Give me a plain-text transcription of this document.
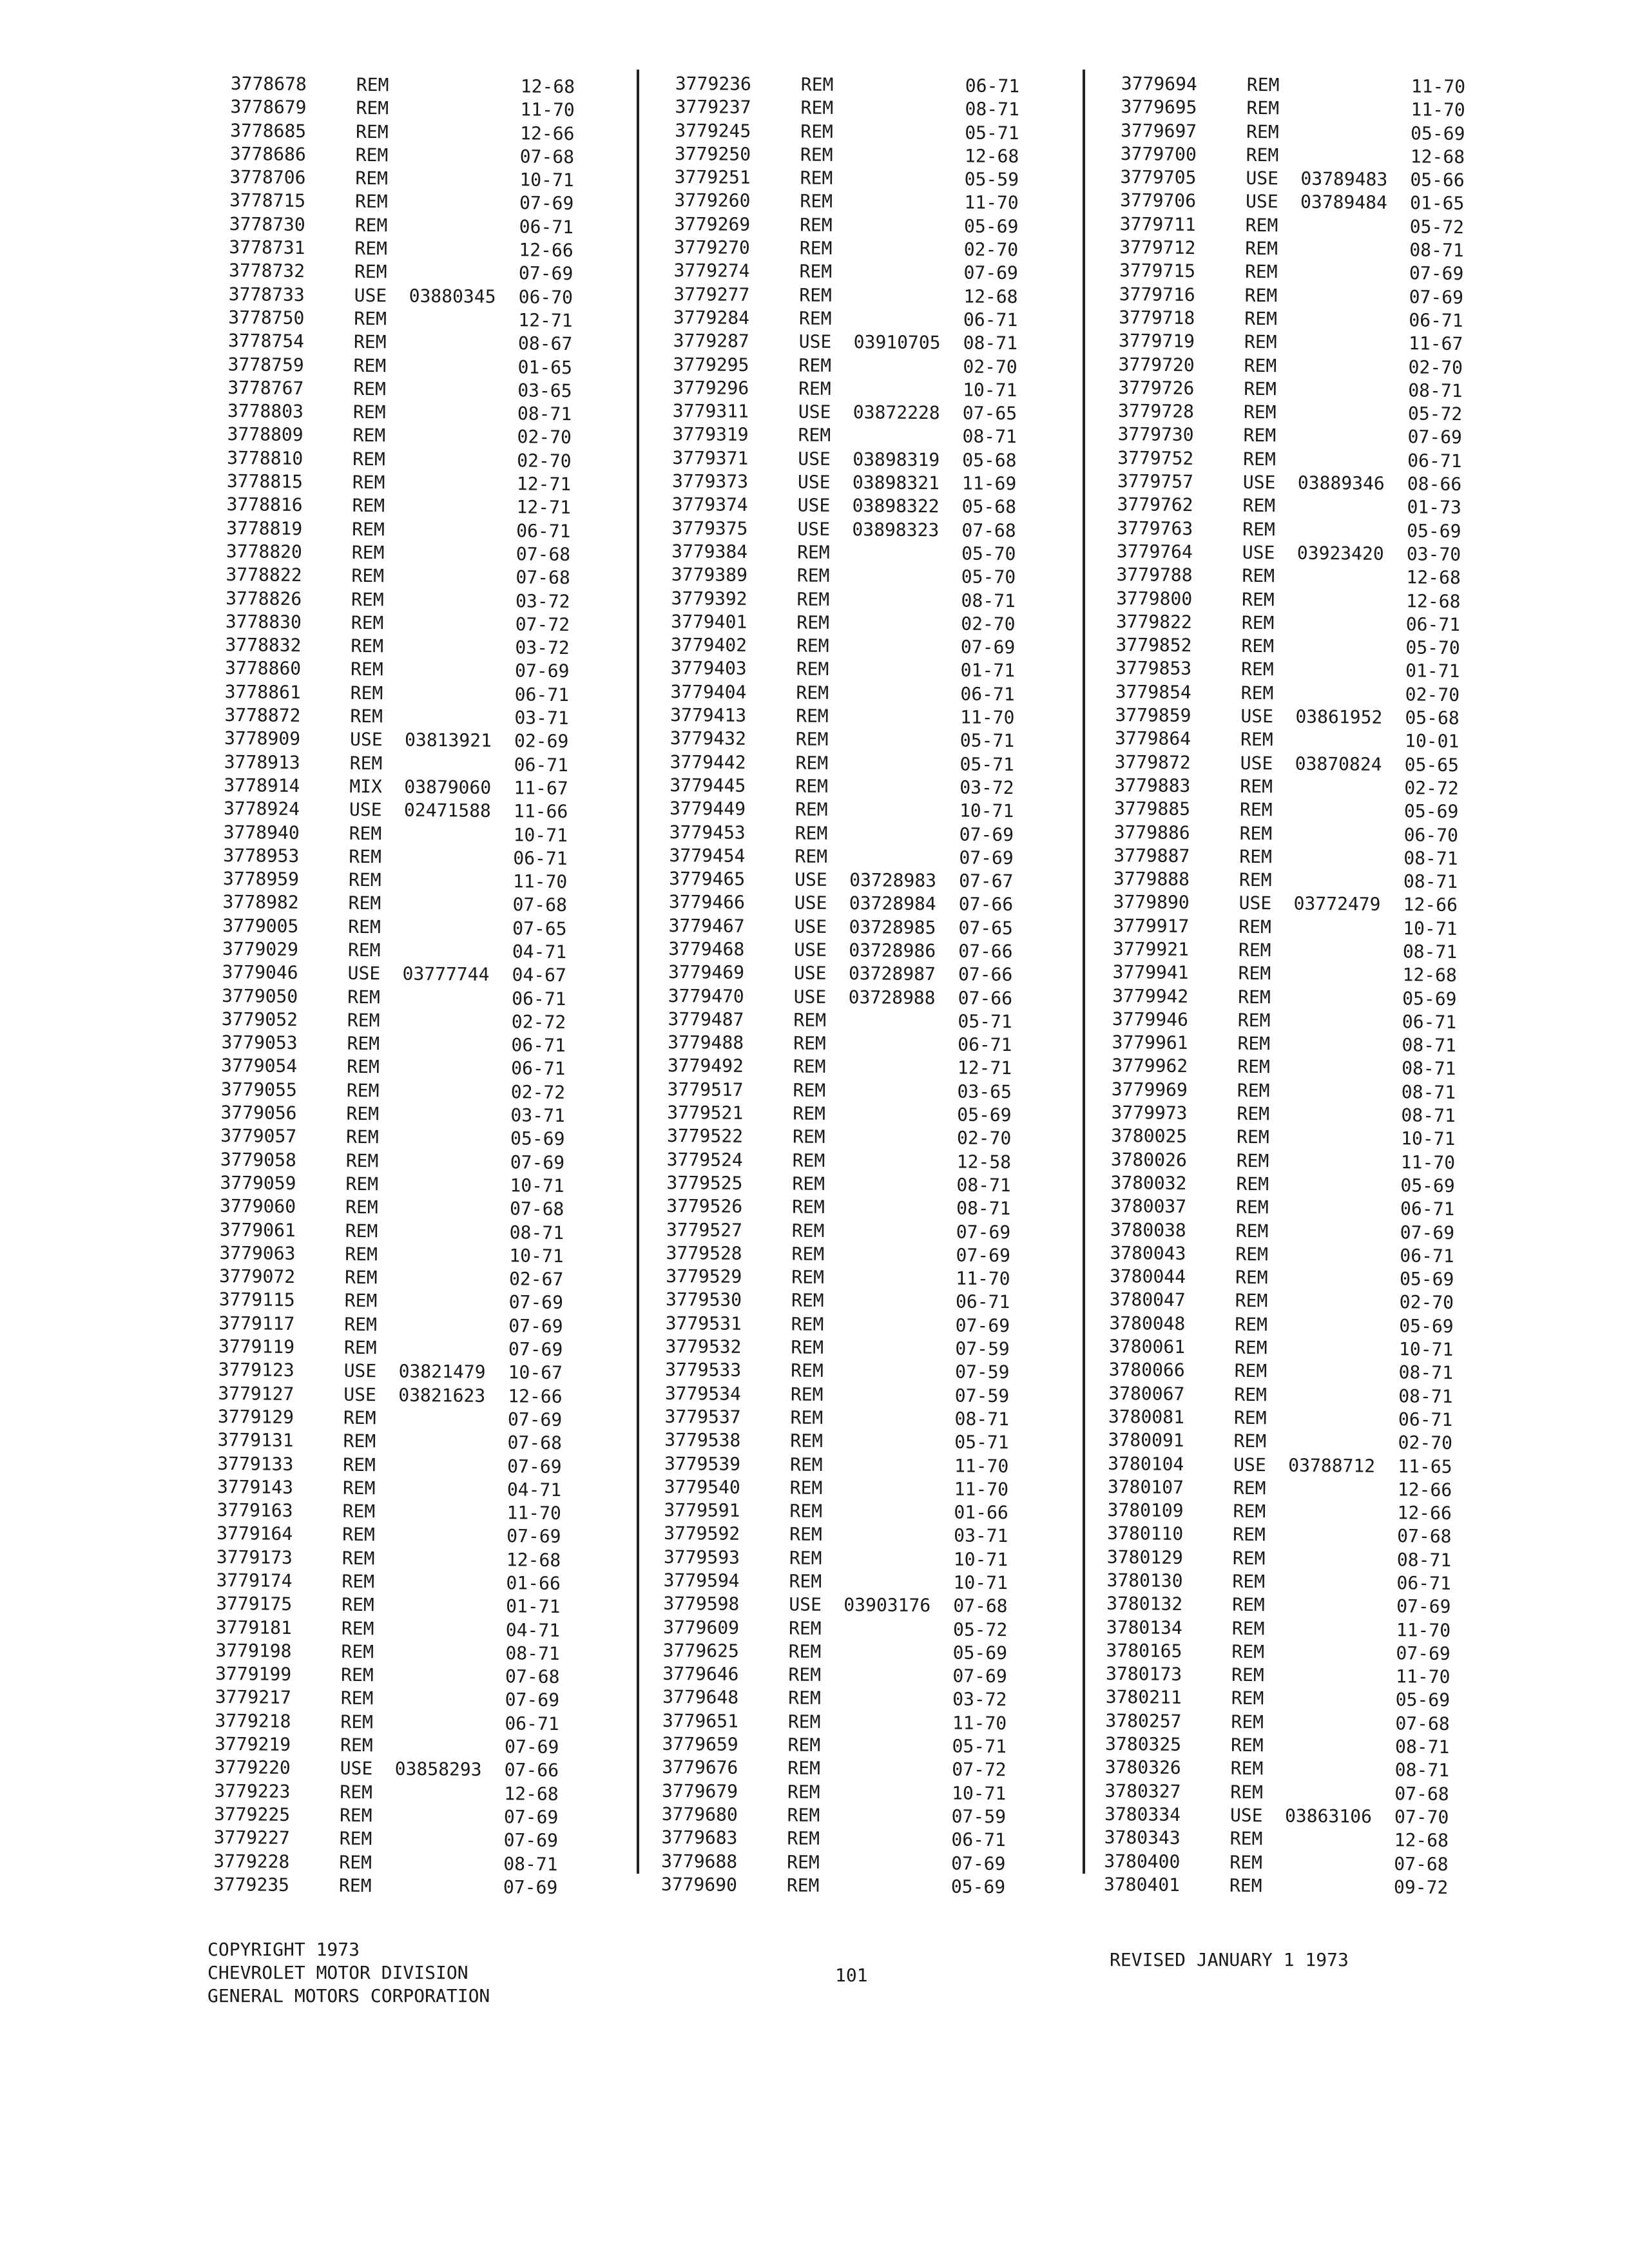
3778678	REM	12-68
3778679	REM	11-70
3778685	REM	12-66
3778686	REM	07-68
3778706	REM	10-71
3778715	REM	07-69
3778730	REM	06-71
3778731	REM	12-66
3778732	REM	07-69
3778733	USE 03880345 06-70
3778750	REM	12-71
3778754	REM	08-67
3778759	REM	01-65
3778767	REM	03-65
3778803	REM	08-71
3778809	REM	02-70
3778810	REM	02-70
3778815	REM	12-71
3778816	REM	12-71
3778819	REM	06-71
3778820	REM	07-68
3778822	REM	07-68
3778826	REM	03-72
3778830	REM	07-72
3778832	REM	03-72
3778860	REM	07-69
3778861	REM	06-71
3778872	REM	03-71
3778909	USE 03813921 02-69
3778913	REM	06-71
3778914	MIX 03879060 11-67
3778924	USE 02471588 11-66
3778940	REM	10-71
3778953	REM	06-71
3778959	REM	11-70
3778982	REM	07-68
3779005	REM	07-65
3779029	REM	04-71
3779046	USE 03777744 04-67
3779050	REM	06-71
3779052	REM	02-72
3779053	REM	06-71
3779054	REM	06-71
3779055	REM	02-72
3779056	REM	03-71
3779057	REM	05-69
3779058	REM	07-69
3779059	REM	10-71
3779060	REM	07-68
3779061	REM	08-71
3779063	REM	10-71
3779072	REM	02-67
3779115	REM	07-69
3779117	REM	07-69
3779119	REM	07-69
3779123	USE 03821479 10-67
3779127	USE 03821623 12-66
3779129	REM	07-69
3779131	REM	07-68
3779133	REM	07-69
3779143	REM	04-71
3779163	REM	11-70
3779164	REM	07-69
3779173	REM	12-68
3779174	REM	01-66
3779175	REM	01-71
3779181	REM	04-71
3779198	REM	08-71
3779199	REM	07-68
3779217	REM	07-69
3779218	REM	06-71
3779219	REM	07-69
3779220	USE 03858293 07-66
3779223	REM	12-68
3779225	REM	07-69
3779227	REM	07-69
3779228	REM	08-71
3779235	REM	07-69
3779236	REM	06-71
3779237	REM	08-71
3779245	REM	05-71
3779250	REM	12-68
3779251	REM	05-59
3779260	REM	11-70
3779269	REM	05-69
3779270	REM	02-70
3779274	REM	07-69
3779277	REM	12-68
3779284	REM	06-71
3779287	USE 03910705 08-71
3779295	REM	02-70
3779296	REM	10-71
3779311	USE 03872228 07-65
3779319	REM	08-71
3779371	USE 03898319 05-68
3779373	USE 03898321 11-69
3779374	USE 03898322 05-68
3779375	USE 03898323 07-68
3779384	REM	05-70
3779389	REM	05-70
3779392	REM	08-71
3779401	REM	02-70
3779402	REM	07-69
3779403	REM	01-71
3779404	REM	06-71
3779413	REM	11-70
3779432	REM	05-71
3779442	REM	05-71
3779445	REM	03-72
3779449	REM	10-71
3779453	REM	07-69
3779454	REM	07-69
3779465	USE 03728983 07-67
3779466	USE 03728984 07-66
3779467	USE 03728985 07-65
3779468	USE 03728986 07-66
3779469	USE 03728987 07-66
3779470	USE 03728988 07-66
3779487	REM	05-71
3779488	REM	06-71
3779492	REM	12-71
3779517	REM	03-65
3779521	REM	05-69
3779522	REM	02-70
3779524	REM	12-58
3779525	REM	08-71
3779526	REM	08-71
3779527	REM	07-69
3779528	REM	07-69
3779529	REM	11-70
3779530	REM	06-71
3779531	REM	07-69
3779532	REM	07-59
3779533	REM	07-59
3779534	REM	07-59
3779537	REM	08-71
3779538	REM	05-71
3779539	REM	11-70
3779540	REM	11-70
3779591	REM	01-66
3779592	REM	03-71
3779593	REM	10-71
3779594	REM	10-71
3779598	USE 03903176 07-68
3779609	REM	05-72
3779625	REM	05-69
3779646	REM	07-69
3779648	REM	03-72
3779651	REM	11-70
3779659	REM	05-71
3779676	REM	07-72
3779679	REM	10-71
3779680	REM	07-59
3779683	REM	06-71
3779688	REM	07-69
3779690	REM	05-69
3779694	REM	11-70
3779695	REM	11-70
3779697	REM	05-69
3779700	REM	12-68
3779705	USE 03789483 05-66
3779706	USE 03789484 01-65
3779711	REM	05-72
3779712	REM	08-71
3779715	REM	07-69
3779716	REM	07-69
3779718	REM	06-71
3779719	REM	11-67
3779720	REM	02-70
3779726	REM	08-71
3779728	REM	05-72
3779730	REM	07-69
3779752	REM	06-71
3779757	USE 03889346 08-66
3779762	REM	01-73
3779763	REM	05-69
3779764	USE 03923420 03-70
3779788	REM	12-68
3779800	REM	12-68
3779822	REM	06-71
3779852	REM	05-70
3779853	REM	01-71
3779854	REM	02-70
3779859	USE 03861952 05-68
3779864	REM	10-01
3779872	USE 03870824 05-65
3779883	REM	02-72
3779885	REM	05-69
3779886	REM	06-70
3779887	REM	08-71
3779888	REM	08-71
3779890	USE 03772479 12-66
3779917	REM	10-71
3779921	REM	08-71
3779941	REM	12-68
3779942	REM	05-69
3779946	REM	06-71
3779961	REM	08-71
3779962	REM	08-71
3779969	REM	08-71
3779973	REM	08-71
3780025	REM	10-71
3780026	REM	11-70
3780032	REM	05-69
3780037	REM	06-71
3780038	REM	07-69
3780043	REM	06-71
3780044	REM	05-69
3780047	REM	02-70
3780048	REM	05-69
3780061	REM	10-71
3780066	REM	08-71
3780067	REM	08-71
3780081	REM	06-71
3780091	REM	02-70
3780104	USE 03788712 11-65
3780107	REM	12-66
3780109	REM	12-66
3780110	REM	07-68
3780129	REM	08-71
3780130	REM	06-71
3780132	REM	07-69
3780134	REM	11-70
3780165	REM	07-69
3780173	REM	11-70
3780211	REM	05-69
3780257	REM	07-68
3780325	REM	08-71
3780326	REM	08-71
3780327	REM	07-68
3780334	USE 03863106 07-70
3780343	REM	12-68
3780400	REM	07-68
3780401	REM	09-72
COPYRIGHT 1973
CHEVROLET MOTOR DIVISION
GENERAL MOTORS CORPORATION
101
REVISED JANUARY 1 1973
